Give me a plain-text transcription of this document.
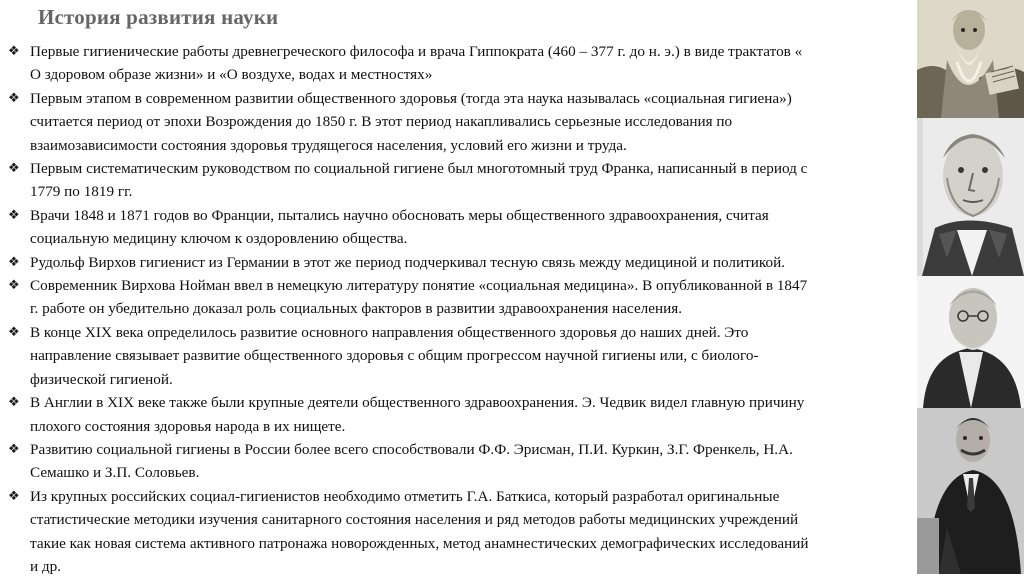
История развития науки
❖ Первые гигиенические работы древнегреческого философа и врача Гиппократа (460 – 377 г. до н. э.) в виде трактатов «
О здоровом образе жизни» и «О воздухе, водах и местностях»
❖ Первым этапом в современном развитии общественного здоровья (тогда эта наука называлась «социальная гигиена»)
считается период от эпохи Возрождения до 1850 г. В этот период накапливались серьезные исследования по
взаимозависимости состояния здоровья трудящегося населения, условий его жизни и труда.
❖ Первым систематическим руководством по социальной гигиене был многотомный труд Франка, написанный в период с
1779 по 1819 гг.
❖ Врачи 1848 и 1871 годов во Франции, пытались научно обосновать меры общественного здравоохранения, считая
социальную медицину ключом к оздоровлению общества.
❖ Рудольф Вирхов гигиенист из Германии в этот же период подчеркивал тесную связь между медициной и политикой.
❖ Современник Вирхова Нойман ввел в немецкую литературу понятие «социальная медицина». В опубликованной в 1847
г. работе он убедительно доказал роль социальных факторов в развитии здравоохранения населения.
❖ В конце XIX века определилось развитие основного направления общественного здоровья до наших дней. Это
направление связывает развитие общественного здоровья с общим прогрессом научной гигиены или, с биолого-
физической гигиеной.
❖ В Англии в XIX веке также были крупные деятели общественного здравоохранения. Э. Чедвик видел главную причину
плохого состояния здоровья народа в их нищете.
❖ Развитию социальной гигиены в России более всего способствовали Ф.Ф. Эрисман, П.И. Куркин, З.Г. Френкель, Н.А.
Семашко и З.П. Соловьев.
❖ Из крупных российских социал-гигиенистов необходимо отметить Г.А. Баткиса, который разработал оригинальные
статистические методики изучения санитарного состояния населения и ряд методов работы медицинских учреждений
такие как новая система активного патронажа новорожденных, метод анамнестических демографических исследований
и др.
